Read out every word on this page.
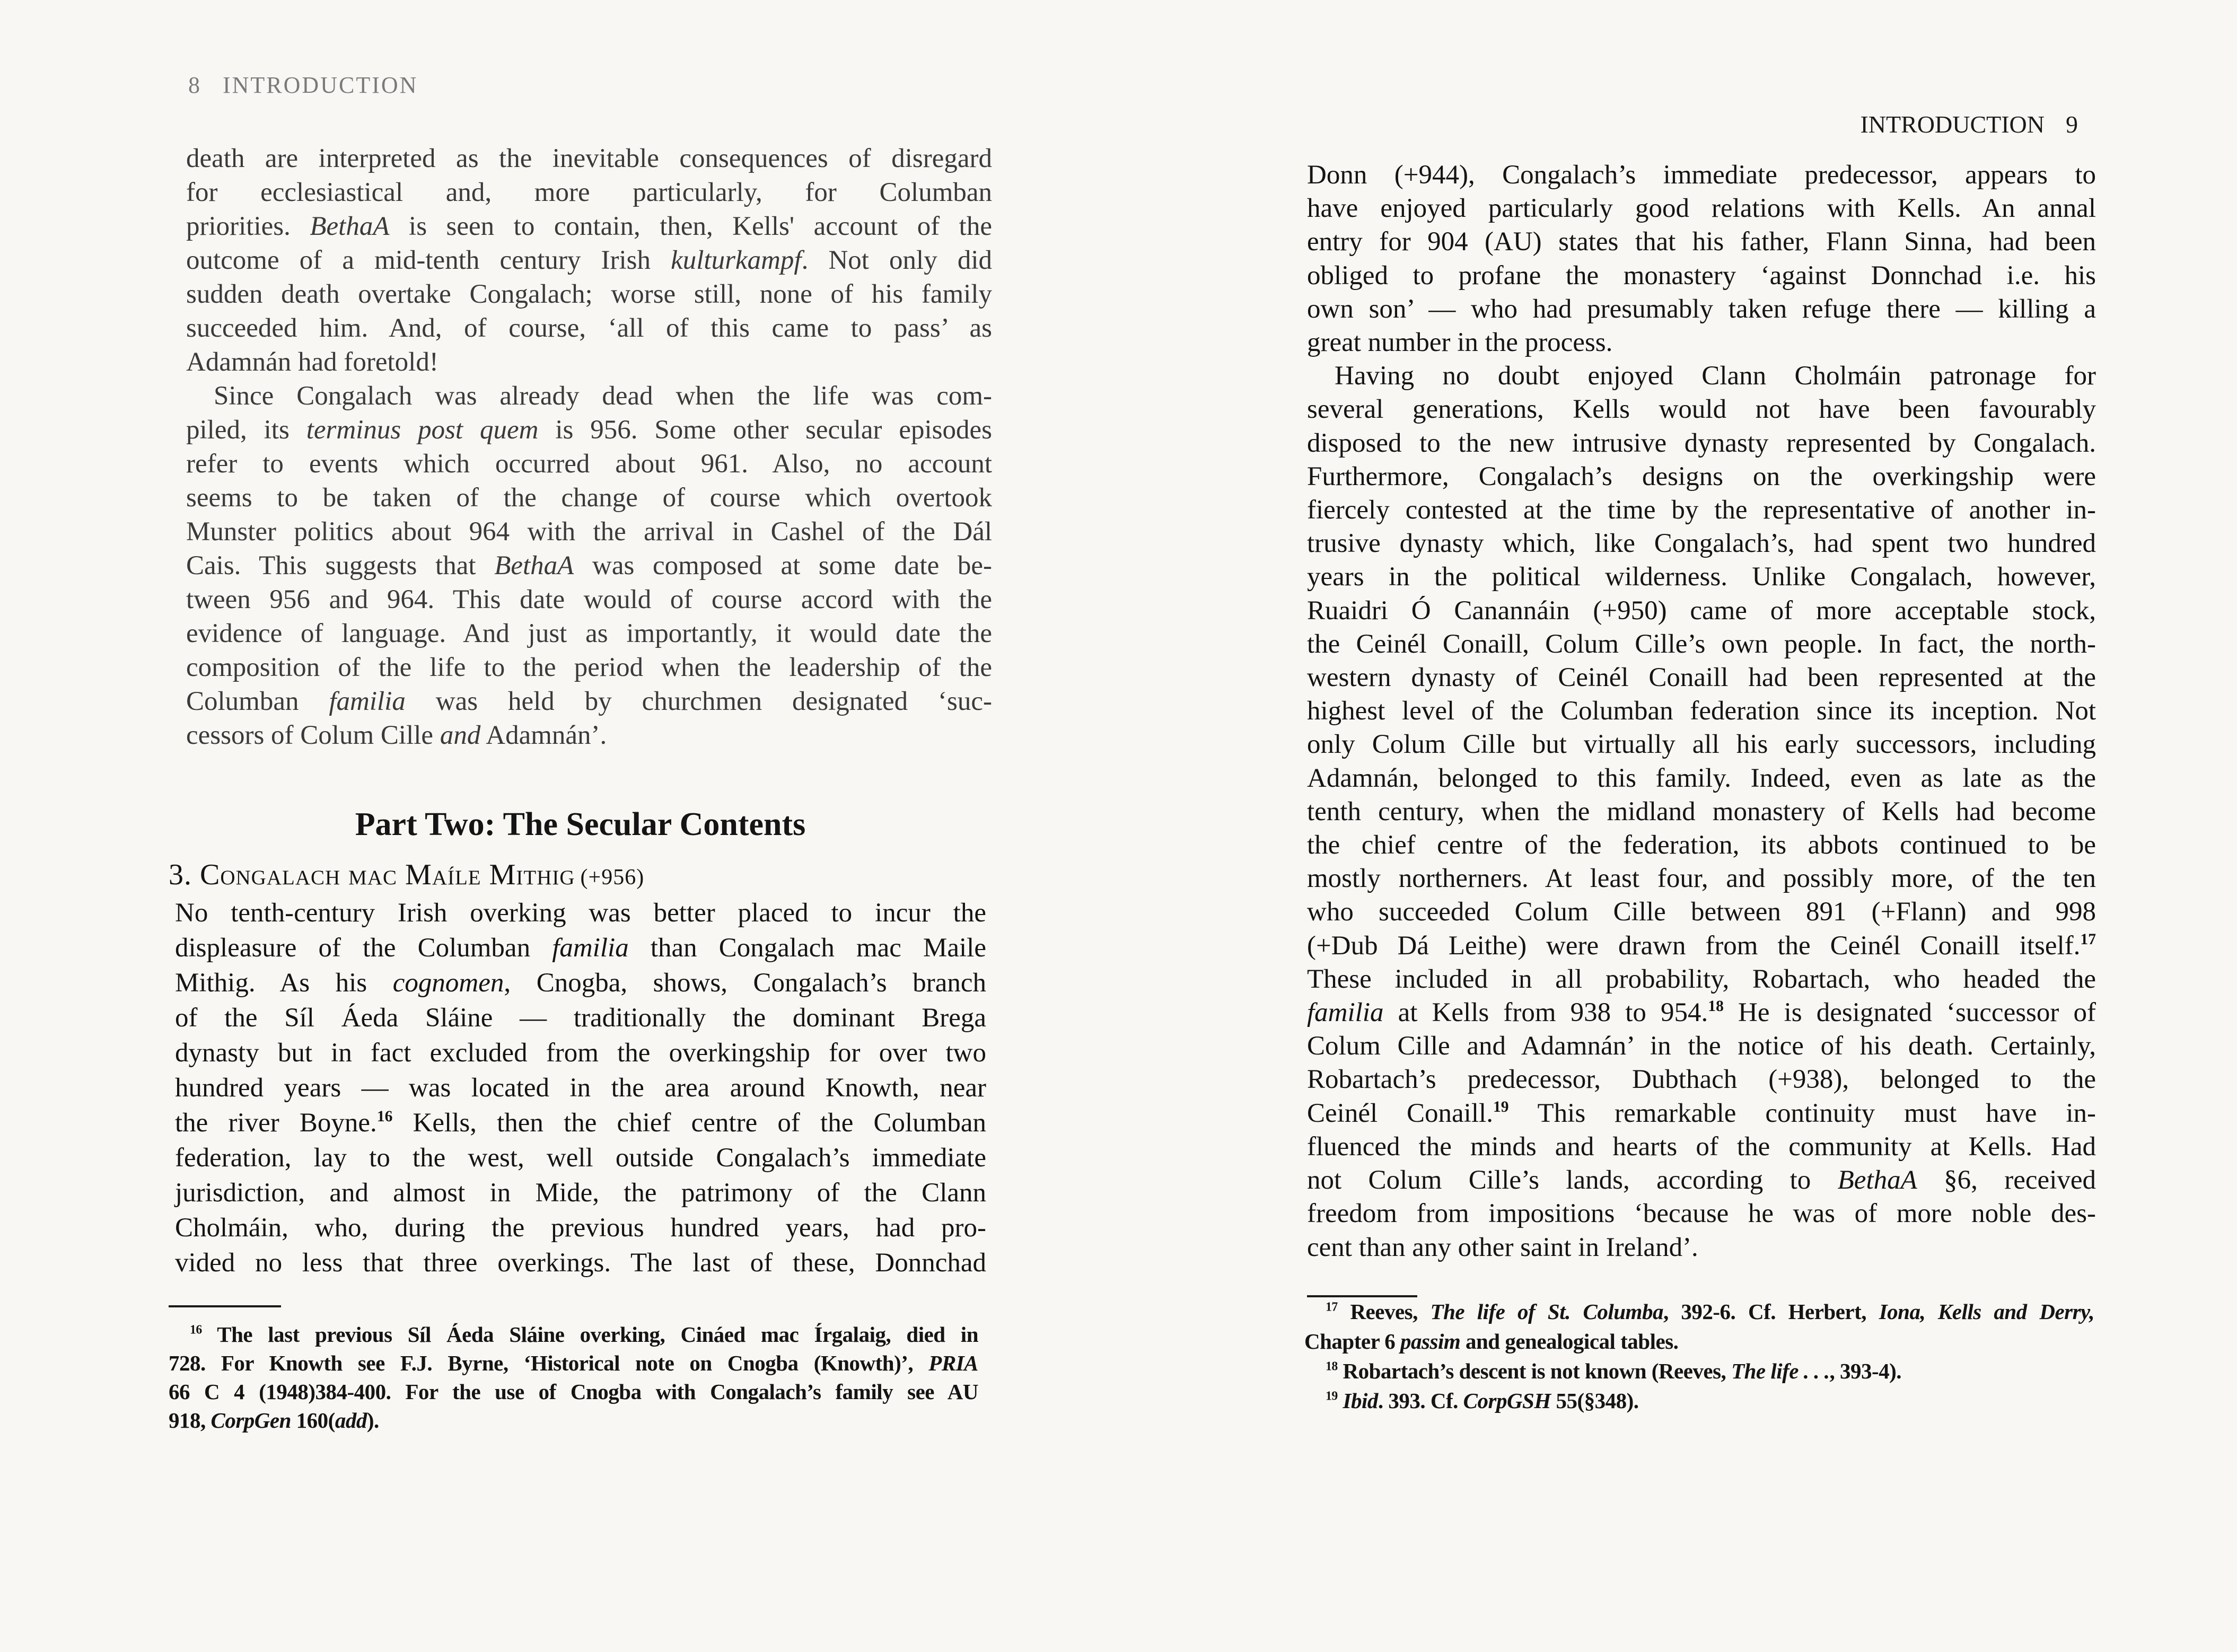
8 INTRODUCTION
death are interpreted as the inevitable consequences of disregard
for ecclesiastical and, more particularly, for Columban
priorities. BethaA is seen to contain, then, Kells' account of the
outcome of a mid-tenth century Irish kulturkampf. Not only did
sudden death overtake Congalach; worse still, none of his family
succeeded him. And, of course, ‘all of this came to pass’ as
Adamnán had foretold!
Since Congalach was already dead when the life was com-
piled, its terminus post quem is 956. Some other secular episodes
refer to events which occurred about 961. Also, no account
seems to be taken of the change of course which overtook
Munster politics about 964 with the arrival in Cashel of the Dál
Cais. This suggests that BethaA was composed at some date be-
tween 956 and 964. This date would of course accord with the
evidence of language. And just as importantly, it would date the
composition of the life to the period when the leadership of the
Columban familia was held by churchmen designated ‘suc-
cessors of Colum Cille and Adamnán’.
Part Two: The Secular Contents
3. Congalach mac Maíle Mithig (+956)
No tenth-century Irish overking was better placed to incur the
displeasure of the Columban familia than Congalach mac Maile
Mithig. As his cognomen, Cnogba, shows, Congalach’s branch
of the Síl Áeda Sláine — traditionally the dominant Brega
dynasty but in fact excluded from the overkingship for over two
hundred years — was located in the area around Knowth, near
the river Boyne.$^{16}$ Kells, then the chief centre of the Columban
federation, lay to the west, well outside Congalach’s immediate
jurisdiction, and almost in Mide, the patrimony of the Clann
Cholmáin, who, during the previous hundred years, had pro-
vided no less that three overkings. The last of these, Donnchad
$^{16}$ The last previous Síl Áeda Sláine overking, Cináed mac Írgalaig, died in
728. For Knowth see F.J. Byrne, ‘Historical note on Cnogba (Knowth)’, PRIA
66 C 4 (1948)384-400. For the use of Cnogba with Congalach’s family see AU
918, CorpGen 160(add).
INTRODUCTION 9
Donn (+944), Congalach’s immediate predecessor, appears to
have enjoyed particularly good relations with Kells. An annal
entry for 904 (AU) states that his father, Flann Sinna, had been
obliged to profane the monastery ‘against Donnchad i.e. his
own son’ — who had presumably taken refuge there — killing a
great number in the process.
Having no doubt enjoyed Clann Cholmáin patronage for
several generations, Kells would not have been favourably
disposed to the new intrusive dynasty represented by Congalach.
Furthermore, Congalach’s designs on the overkingship were
fiercely contested at the time by the representative of another in-
trusive dynasty which, like Congalach’s, had spent two hundred
years in the political wilderness. Unlike Congalach, however,
Ruaidri Ó Canannáin (+950) came of more acceptable stock,
the Ceinél Conaill, Colum Cille’s own people. In fact, the north-
western dynasty of Ceinél Conaill had been represented at the
highest level of the Columban federation since its inception. Not
only Colum Cille but virtually all his early successors, including
Adamnán, belonged to this family. Indeed, even as late as the
tenth century, when the midland monastery of Kells had become
the chief centre of the federation, its abbots continued to be
mostly northerners. At least four, and possibly more, of the ten
who succeeded Colum Cille between 891 (+Flann) and 998
(+Dub Dá Leithe) were drawn from the Ceinél Conaill itself.$^{17}$
These included in all probability, Robartach, who headed the
familia at Kells from 938 to 954.18 He is designated ‘successor of
Colum Cille and Adamnán’ in the notice of his death. Certainly,
Robartach’s predecessor, Dubthach (+938), belonged to the
Ceinél Conaill.$^{19}$ This remarkable continuity must have in-
fluenced the minds and hearts of the community at Kells. Had
not Colum Cille’s lands, according to BethaA §6, received
freedom from impositions ‘because he was of more noble des-
cent than any other saint in Ireland’.
$^{17}$ Reeves, The life of St. Columba, 392-6. Cf. Herbert, Iona, Kells and Derry,
Chapter 6 passim and genealogical tables.
$^{18}$ Robartach’s descent is not known (Reeves, The life . . ., 393-4).
$^{19}$ Ibid. 393. Cf. CorpGSH 55(§348).
